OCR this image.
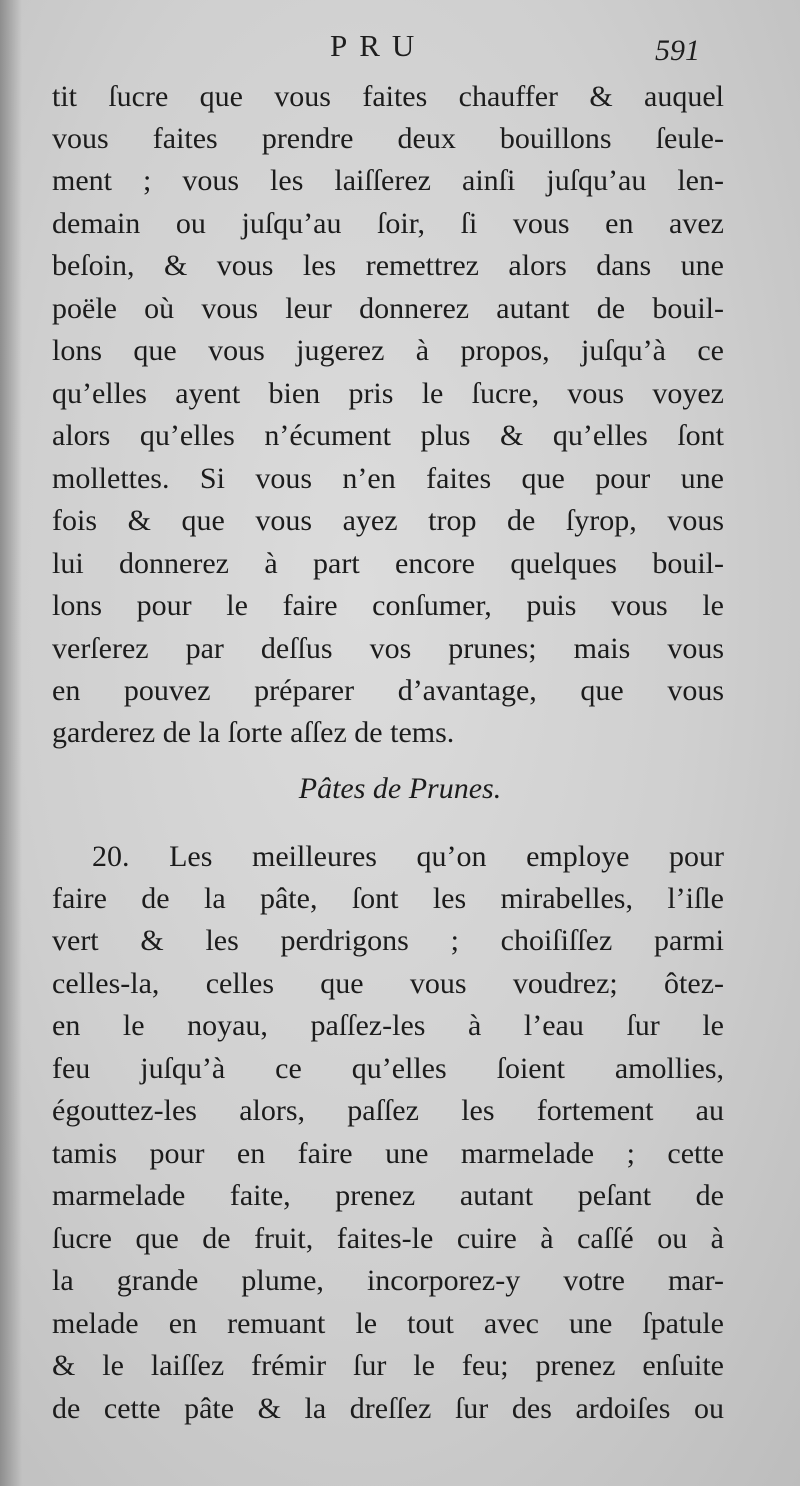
PRU	591
tit ſucre que vous faites chauffer & auquel
vous faites prendre deux bouillons ſeule-
ment ; vous les laiſſerez ainſi juſqu’au len-
demain ou juſqu’au ſoir, ſi vous en avez
beſoin, & vous les remettrez alors dans une
poële où vous leur donnerez autant de bouil-
lons que vous jugerez à propos, juſqu’à ce
qu’elles ayent bien pris le ſucre, vous voyez
alors qu’elles n’écument plus & qu’elles ſont
mollettes. Si vous n’en faites que pour une
fois & que vous ayez trop de ſyrop, vous
lui donnerez à part encore quelques bouil-
lons pour le faire conſumer, puis vous le
verſerez par deſſus vos prunes; mais vous
en pouvez préparer d’avantage, que vous
garderez de la ſorte aſſez de tems.
Pâtes de Prunes.
20. Les meilleures qu’on employe pour
faire de la pâte, ſont les mirabelles, l’iſle
vert & les perdrigons ; choiſiſſez parmi
celles-la, celles que vous voudrez; ôtez-
en le noyau, paſſez-les à l’eau ſur le
feu juſqu’à ce qu’elles ſoient amollies,
égouttez-les alors, paſſez les fortement au
tamis pour en faire une marmelade ; cette
marmelade faite, prenez autant peſant de
ſucre que de fruit, faites-le cuire à caſſé ou à
la grande plume, incorporez-y votre mar-
melade en remuant le tout avec une ſpatule
& le laiſſez frémir ſur le feu; prenez enſuite
de cette pâte & la dreſſez ſur des ardoiſes ou
